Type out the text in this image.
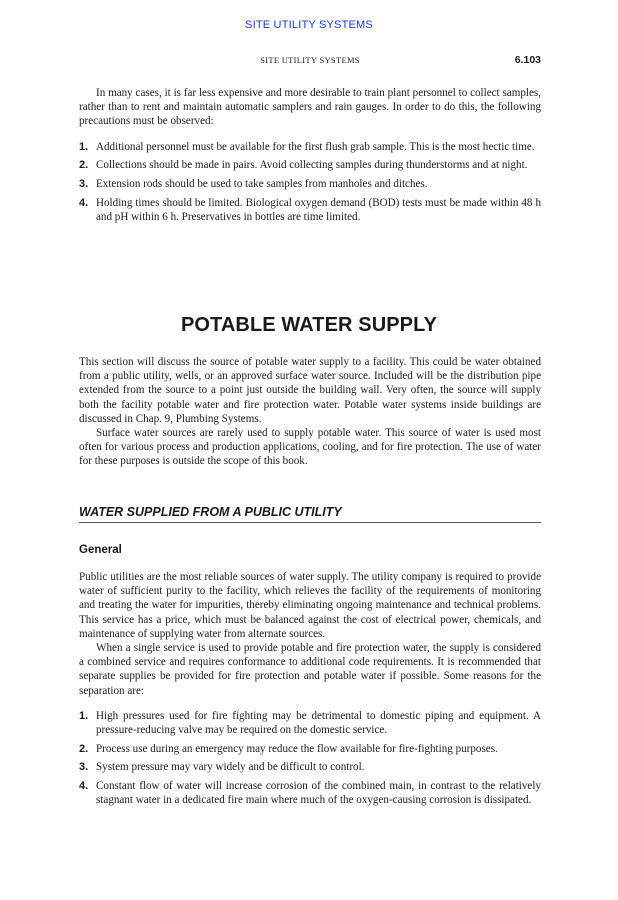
SITE UTILITY SYSTEMS
SITE UTILITY SYSTEMS	6.103

In many cases, it is far less expensive and more desirable to train plant personnel to collect samples, rather than to rent and maintain automatic samplers and rain gauges. In order to do this, the following precautions must be observed:

1. Additional personnel must be available for the first flush grab sample. This is the most hectic time.
2. Collections should be made in pairs. Avoid collecting samples during thunderstorms and at night.
3. Extension rods should be used to take samples from manholes and ditches.
4. Holding times should be limited. Biological oxygen demand (BOD) tests must be made within 48 h and pH within 6 h. Preservatives in bottles are time limited.
POTABLE WATER SUPPLY

This section will discuss the source of potable water supply to a facility. This could be water obtained from a public utility, wells, or an approved surface water source. Included will be the distribution pipe extended from the source to a point just outside the building wall. Very often, the source will supply both the facility potable water and fire protection water. Potable water systems inside buildings are discussed in Chap. 9, Plumbing Systems.

Surface water sources are rarely used to supply potable water. This source of water is used most often for various process and production applications, cooling, and for fire protection. The use of water for these purposes is outside the scope of this book.

WATER SUPPLIED FROM A PUBLIC UTILITY
General

Public utilities are the most reliable sources of water supply. The utility company is required to provide water of sufficient purity to the facility, which relieves the facility of the requirements of monitoring and treating the water for impurities, thereby eliminating ongoing maintenance and technical problems. This service has a price, which must be balanced against the cost of electrical power, chemicals, and maintenance of supplying water from alternate sources.

When a single service is used to provide potable and fire protection water, the supply is considered a combined service and requires conformance to additional code requirements. It is recommended that separate supplies be provided for fire protection and potable water if possible. Some reasons for the separation are:

1. High pressures used for fire fighting may be detrimental to domestic piping and equipment. A pressure-reducing valve may be required on the domestic service.
2. Process use during an emergency may reduce the flow available for fire-fighting purposes.
3. System pressure may vary widely and be difficult to control.
4. Constant flow of water will increase corrosion of the combined main, in contrast to the relatively stagnant water in a dedicated fire main where much of the oxygen-causing corrosion is dissipated.
